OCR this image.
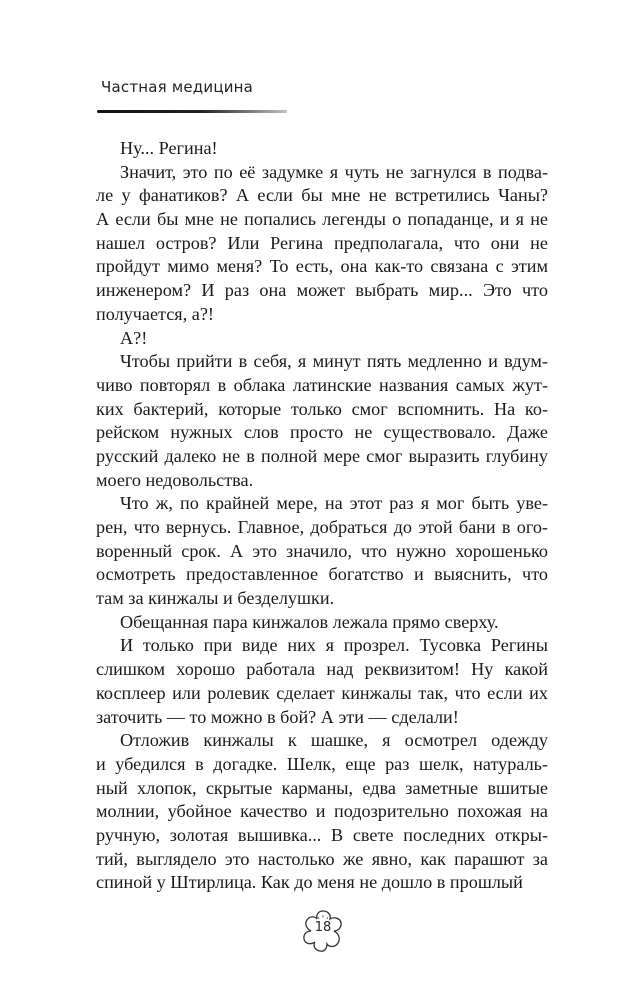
Частная медицина
Ну... Регина!
Значит, это по её задумке я чуть не загнулся в подва-
ле у фанатиков? А если бы мне не встретились Чаны?
А если бы мне не попались легенды о попаданце, и я не
нашел остров? Или Регина предполагала, что они не
пройдут мимо меня? То есть, она как-то связана с этим
инженером? И раз она может выбрать мир... Это что
получается, а?!
А?!
Чтобы прийти в себя, я минут пять медленно и вдум-
чиво повторял в облака латинские названия самых жут-
ких бактерий, которые только смог вспомнить. На ко-
рейском нужных слов просто не существовало. Даже
русский далеко не в полной мере смог выразить глубину
моего недовольства.
Что ж, по крайней мере, на этот раз я мог быть уве-
рен, что вернусь. Главное, добраться до этой бани в ого-
воренный срок. А это значило, что нужно хорошенько
осмотреть предоставленное богатство и выяснить, что
там за кинжалы и безделушки.
Обещанная пара кинжалов лежала прямо сверху.
И только при виде них я прозрел. Тусовка Регины
слишком хорошо работала над реквизитом! Ну какой
косплеер или ролевик сделает кинжалы так, что если их
заточить — то можно в бой? А эти — сделали!
Отложив кинжалы к шашке, я осмотрел одежду
и убедился в догадке. Шелк, еще раз шелк, натураль-
ный хлопок, скрытые карманы, едва заметные вшитые
молнии, убойное качество и подозрительно похожая на
ручную, золотая вышивка... В свете последних откры-
тий, выглядело это настолько же явно, как парашют за
спиной у Штирлица. Как до меня не дошло в прошлый
18
